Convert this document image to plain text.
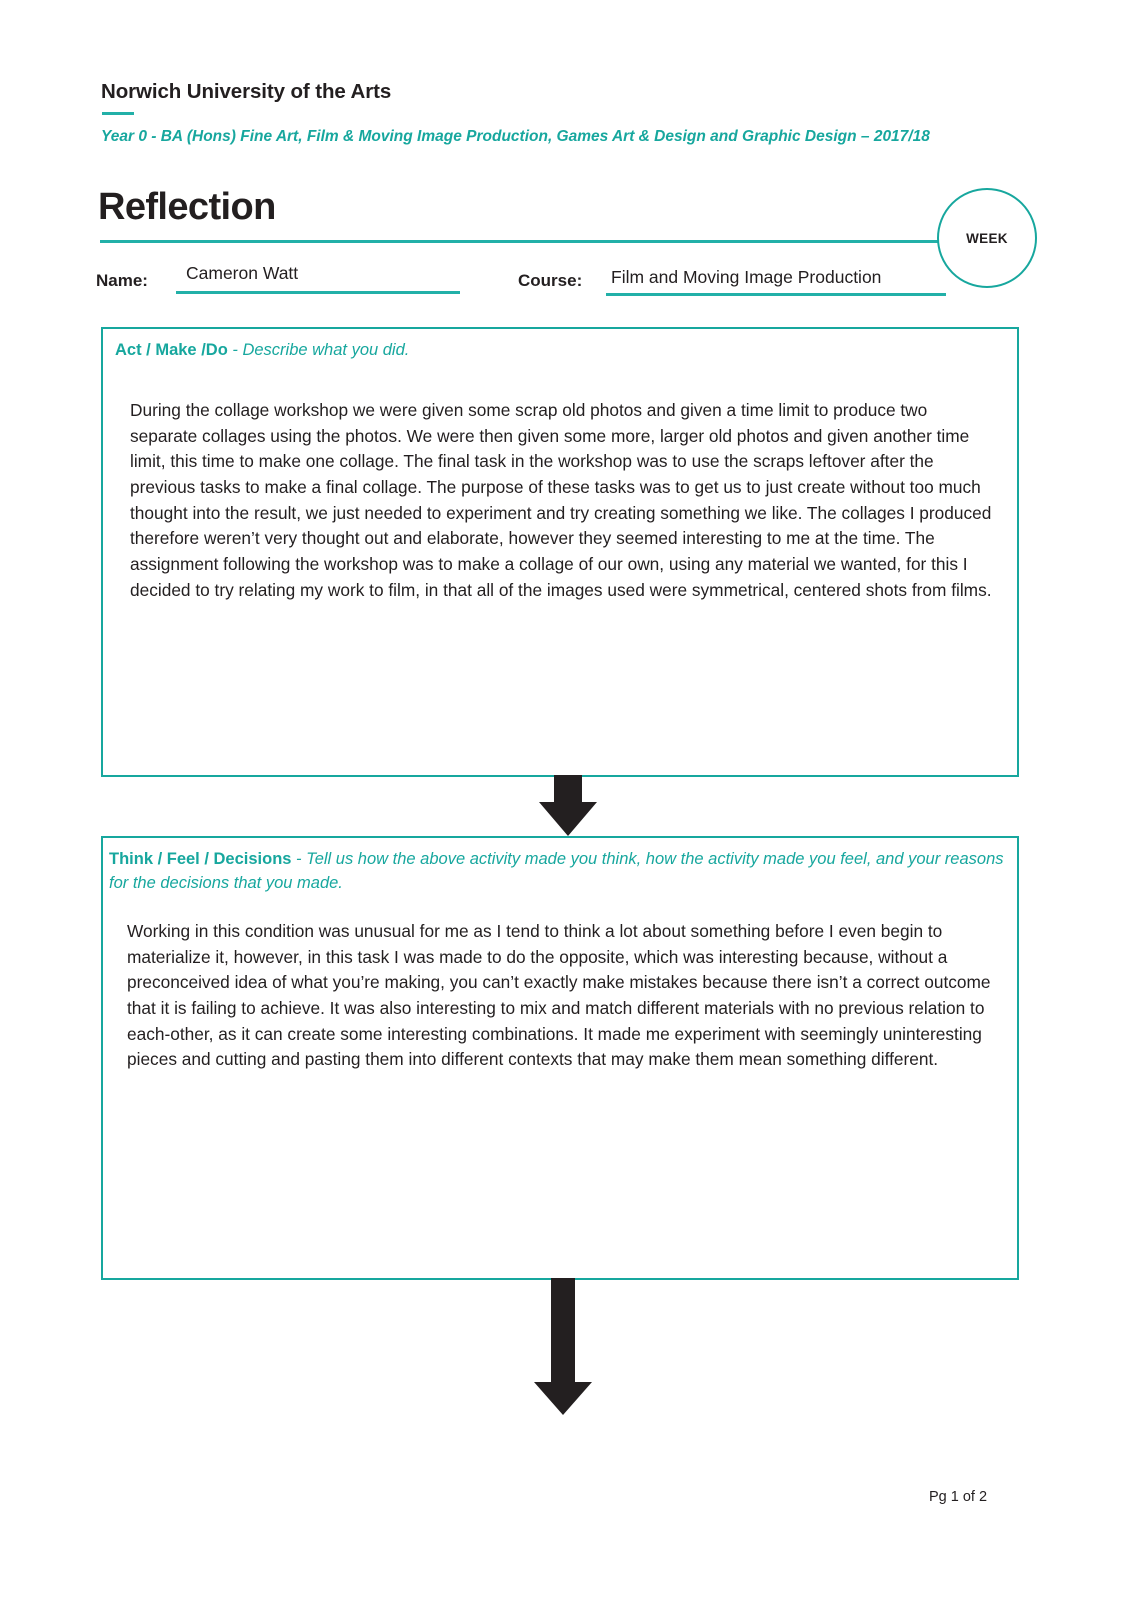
Norwich University of the Arts
Year 0 - BA (Hons) Fine Art, Film & Moving Image Production, Games Art & Design and Graphic Design – 2017/18
Reflection
WEEK
Name: Cameron Watt	Course: Film and Moving Image Production
Act / Make /Do - Describe what you did.
During the collage workshop we were given some scrap old photos and given a time limit to produce two separate collages using the photos. We were then given some more, larger old photos and given another time limit, this time to make one collage. The final task in the workshop was to use the scraps leftover after the previous tasks to make a final collage. The purpose of these tasks was to get us to just create without too much thought into the result, we just needed to experiment and try creating something we like. The collages I produced therefore weren’t very thought out and elaborate, however they seemed interesting to me at the time. The assignment following the workshop was to make a collage of our own, using any material we wanted, for this I decided to try relating my work to film, in that all of the images used were symmetrical, centered shots from films.
Think / Feel / Decisions - Tell us how the above activity made you think, how the activity made you feel, and your reasons for the decisions that you made.
Working in this condition was unusual for me as I tend to think a lot about something before I even begin to materialize it, however, in this task I was made to do the opposite, which was interesting because, without a preconceived idea of what you’re making, you can’t exactly make mistakes because there isn’t a correct outcome that it is failing to achieve. It was also interesting to mix and match different materials with no previous relation to each-other, as it can create some interesting combinations. It made me experiment with seemingly uninteresting pieces and cutting and pasting them into different contexts that may make them mean something different.
Pg 1 of 2
